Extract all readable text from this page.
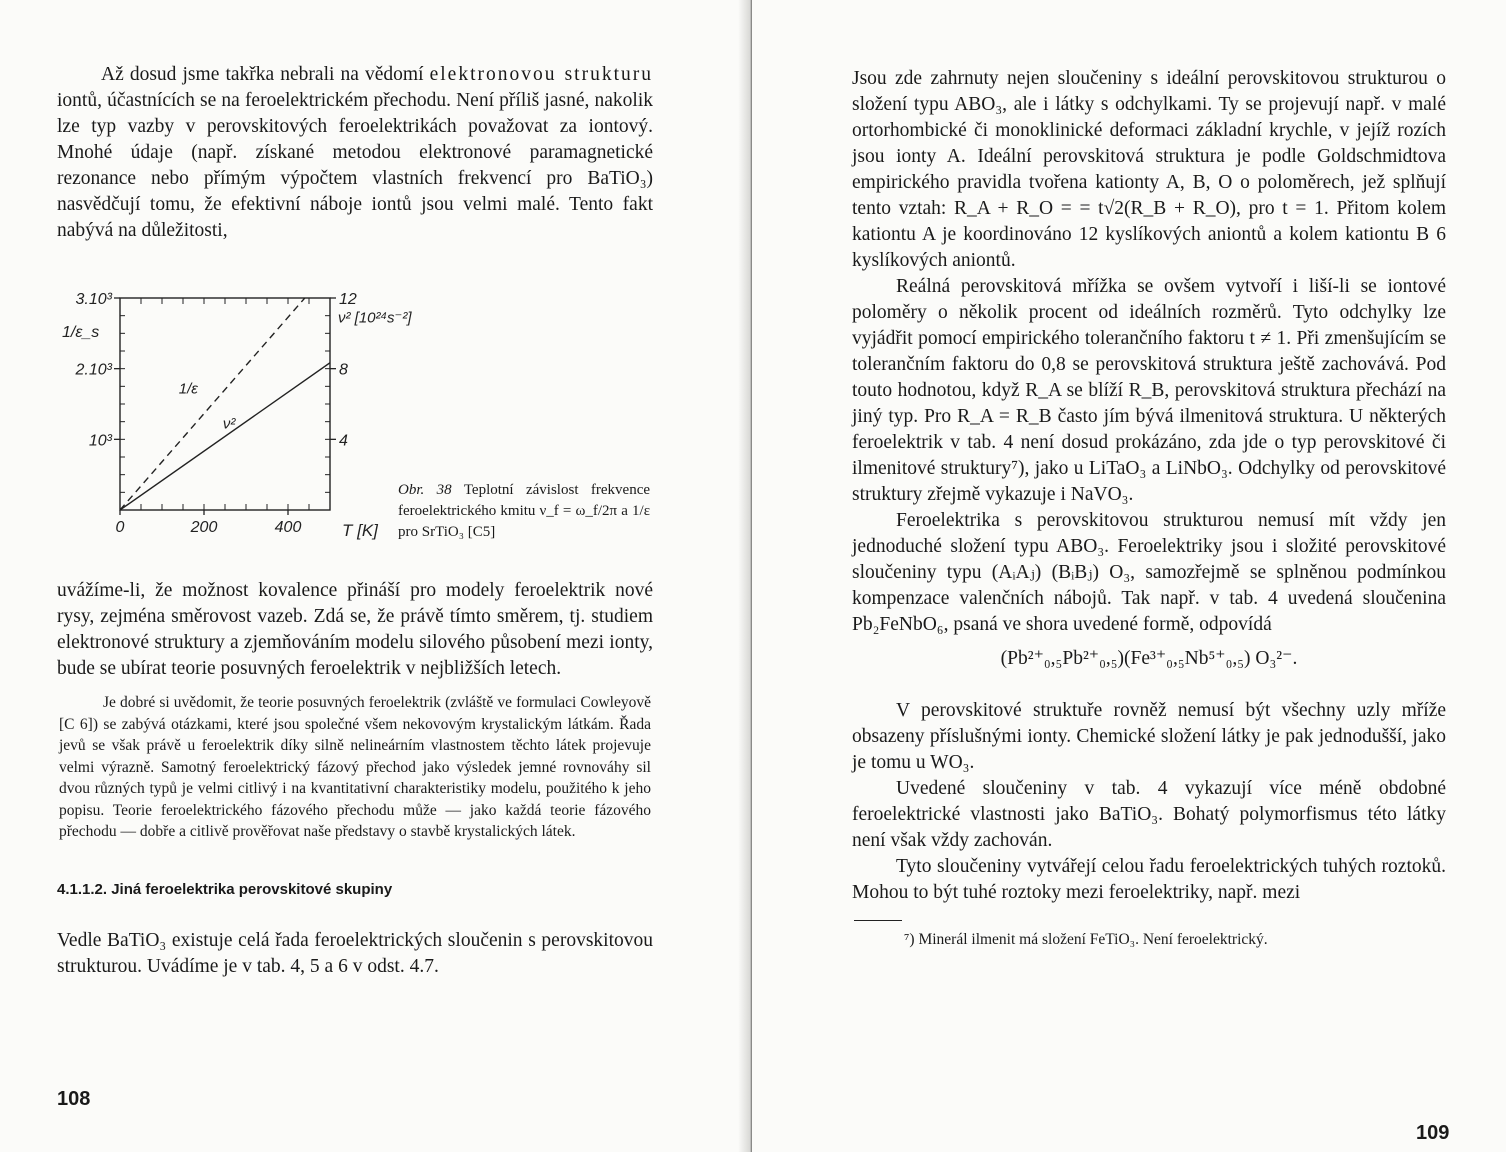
Až dosud jsme takřka nebrali na vědomí elektronovou strukturu iontů, účastnících se na feroelektrickém přechodu. Není příliš jasné, nakolik lze typ vazby v perovskitových feroelektrikách považovat za iontový. Mnohé údaje (např. získané metodou elektronové paramagnetické rezonance nebo přímým výpočtem vlastních frekvencí pro BaTiO₃) nasvědčují tomu, že efektivní náboje iontů jsou velmi malé. Tento fakt nabývá na důležitosti,

3.10³
2.10³
10³
12
8
4
0	200	400
1/ε
ν²
1/ε_s
ν² [10²⁴s⁻²]
T [K]
Obr. 38 Teplotní závislost frekvence feroelektrického kmitu ν_f = ω_f/2π a 1/ε pro SrTiO₃ [C5]

uvážíme-li, že možnost kovalence přináší pro modely feroelektrik nové rysy, zejména směrovost vazeb. Zdá se, že právě tímto směrem, tj. studiem elektronové struktury a zjemňováním modelu silového působení mezi ionty, bude se ubírat teorie posuvných feroelektrik v nejbližších letech.

Je dobré si uvědomit, že teorie posuvných feroelektrik (zvláště ve formulaci Cowleyově [C 6]) se zabývá otázkami, které jsou společné všem nekovovým krystalickým látkám. Řada jevů se však právě u feroelektrik díky silně nelineárním vlastnostem těchto látek projevuje velmi výrazně. Samotný feroelektrický fázový přechod jako výsledek jemné rovnováhy sil dvou různých typů je velmi citlivý i na kvantitativní charakteristiky modelu, použitého k jeho popisu. Teorie feroelektrického fázového přechodu může — jako každá teorie fázového přechodu — dobře a citlivě prověřovat naše představy o stavbě krystalických látek.

4.1.1.2. Jiná feroelektrika perovskitové skupiny

Vedle BaTiO₃ existuje celá řada feroelektrických sloučenin s perovskitovou strukturou. Uvádíme je v tab. 4, 5 a 6 v odst. 4.7.

108

Jsou zde zahrnuty nejen sloučeniny s ideální perovskitovou strukturou o složení typu ABO₃, ale i látky s odchylkami. Ty se projevují např. v malé ortorhombické či monoklinické deformaci základní krychle, v jejíž rozích jsou ionty A. Ideální perovskitová struktura je podle Goldschmidtova empirického pravidla tvořena kationty A, B, O o poloměrech, jež splňují tento vztah: R_A + R_O = = t√2(R_B + R_O), pro t = 1. Přitom kolem kationtu A je koordinováno 12 kyslíkových aniontů a kolem kationtu B 6 kyslíkových aniontů.

Reálná perovskitová mřížka se ovšem vytvoří i liší-li se iontové poloměry o několik procent od ideálních rozměrů. Tyto odchylky lze vyjádřit pomocí empirického tolerančního faktoru t ≠ 1. Při zmenšujícím se tolerančním faktoru do 0,8 se perovskitová struktura ještě zachovává. Pod touto hodnotou, když R_A se blíží R_B, perovskitová struktura přechází na jiný typ. Pro R_A = R_B často jím bývá ilmenitová struktura. U některých feroelektrik v tab. 4 není dosud prokázáno, zda jde o typ perovskitové či ilmenitové struktury⁷), jako u LiTaO₃ a LiNbO₃. Odchylky od perovskitové struktury zřejmě vykazuje i NaVO₃.

Feroelektrika s perovskitovou strukturou nemusí mít vždy jen jednoduché složení typu ABO₃. Feroelektriky jsou i složité perovskitové sloučeniny typu (AᵢAⱼ) (BᵢBⱼ) O₃, samozřejmě se splněnou podmínkou kompenzace valenčních nábojů. Tak např. v tab. 4 uvedená sloučenina Pb₂FeNbO₆, psaná ve shora uvedené formě, odpovídá

(Pb²⁺₀,₅Pb²⁺₀,₅)(Fe³⁺₀,₅Nb⁵⁺₀,₅) O₃²⁻.

V perovskitové struktuře rovněž nemusí být všechny uzly mříže obsazeny příslušnými ionty. Chemické složení látky je pak jednodušší, jako je tomu u WO₃.

Uvedené sloučeniny v tab. 4 vykazují více méně obdobné feroelektrické vlastnosti jako BaTiO₃. Bohatý polymorfismus této látky není však vždy zachován.

Tyto sloučeniny vytvářejí celou řadu feroelektrických tuhých roztoků. Mohou to být tuhé roztoky mezi feroelektriky, např. mezi

⁷) Minerál ilmenit má složení FeTiO₃. Není feroelektrický.

109
